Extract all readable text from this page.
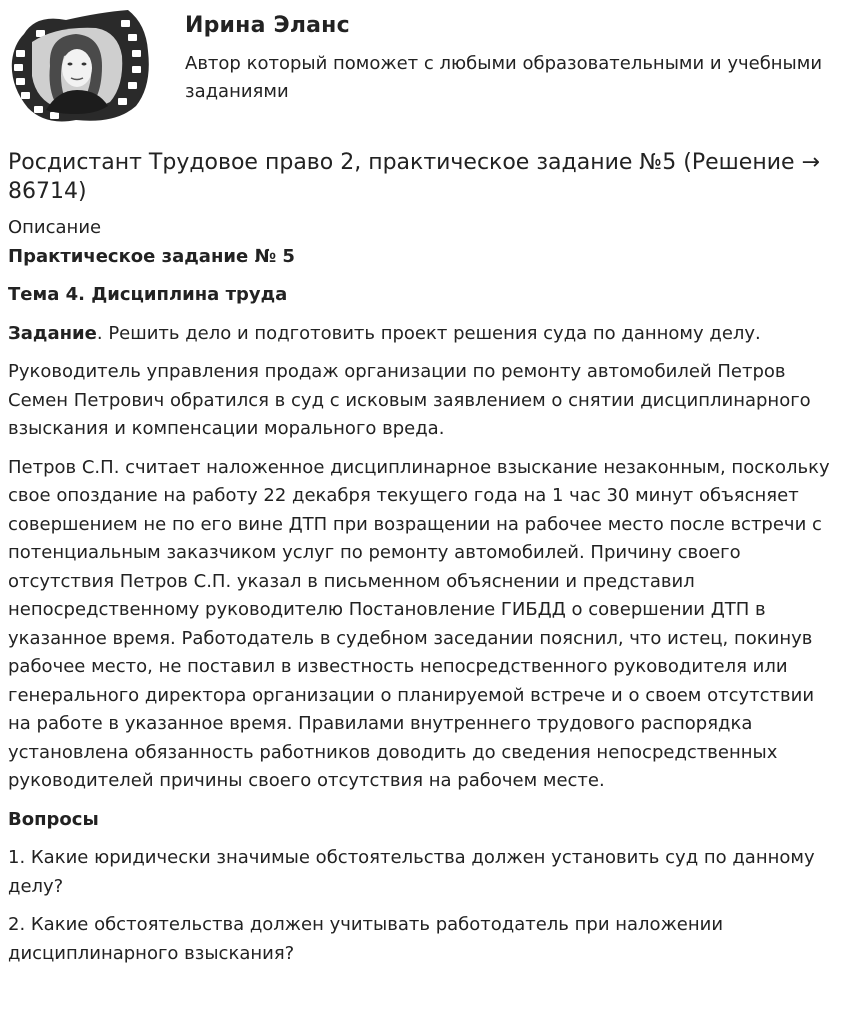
Ирина Эланс
Автор который поможет с любыми образовательными и учебными заданиями
Росдистант Трудовое право 2, практическое задание №5 (Решение → 86714)

Описание

Практическое задание № 5

Тема 4. Дисциплина труда

Задание. Решить дело и подготовить проект решения суда по данному делу.

Руководитель управления продаж организации по ремонту автомобилей Петров Семен Петрович обратился в суд с исковым заявлением о снятии дисциплинарного взыскания и компенсации морального вреда.

Петров С.П. считает наложенное дисциплинарное взыскание незаконным, поскольку свое опоздание на работу 22 декабря текущего года на 1 час 30 минут объясняет совершением не по его вине ДТП при возращении на рабочее место после встречи с потенциальным заказчиком услуг по ремонту автомобилей. Причину своего отсутствия Петров С.П. указал в письменном объяснении и представил непосредственному руководителю Постановление ГИБДД о совершении ДТП в указанное время. Работодатель в судебном заседании пояснил, что истец, покинув рабочее место, не поставил в известность непосредственного руководителя или генерального директора организации о планируемой встрече и о своем отсутствии на работе в указанное время. Правилами внутреннего трудового распорядка установлена обязанность работников доводить до сведения непосредственных руководителей причины своего отсутствия на рабочем месте.

Вопросы

1. Какие юридически значимые обстоятельства должен установить суд по данному делу?

2. Какие обстоятельства должен учитывать работодатель при наложении дисциплинарного взыскания?
